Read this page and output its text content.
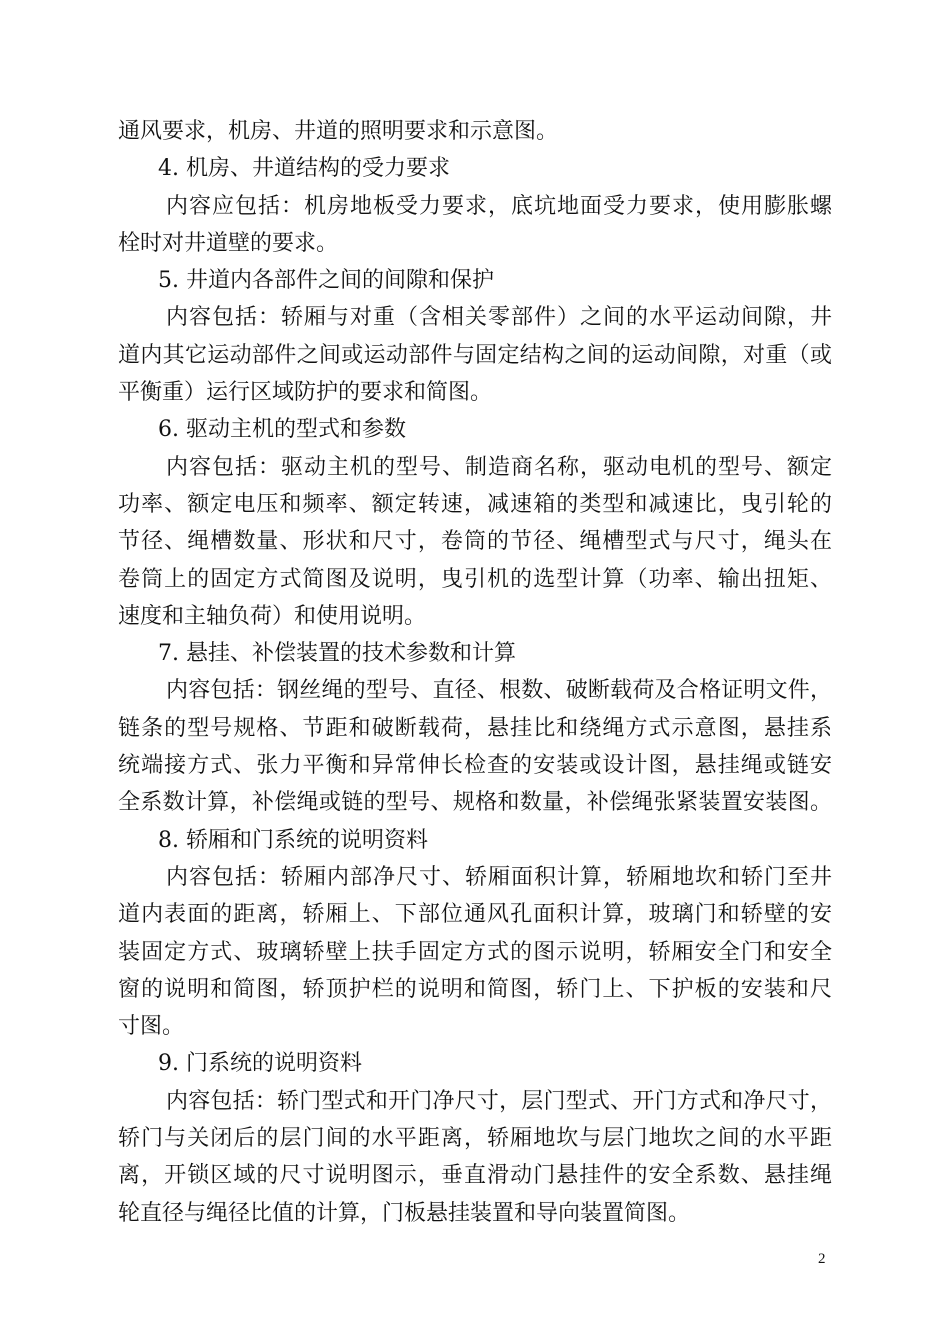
通风要求，机房、井道的照明要求和示意图。

4. 机房、井道结构的受力要求

内容应包括：机房地板受力要求，底坑地面受力要求，使用膨胀螺

栓时对井道壁的要求。

5. 井道内各部件之间的间隙和保护

内容包括：轿厢与对重（含相关零部件）之间的水平运动间隙，井

道内其它运动部件之间或运动部件与固定结构之间的运动间隙，对重（或

平衡重）运行区域防护的要求和简图。

6. 驱动主机的型式和参数

内容包括：驱动主机的型号、制造商名称，驱动电机的型号、额定

功率、额定电压和频率、额定转速，减速箱的类型和减速比，曳引轮的

节径、绳槽数量、形状和尺寸，卷筒的节径、绳槽型式与尺寸，绳头在

卷筒上的固定方式简图及说明，曳引机的选型计算（功率、输出扭矩、

速度和主轴负荷）和使用说明。

7. 悬挂、补偿装置的技术参数和计算

内容包括：钢丝绳的型号、直径、根数、破断载荷及合格证明文件，

链条的型号规格、节距和破断载荷，悬挂比和绕绳方式示意图，悬挂系

统端接方式、张力平衡和异常伸长检查的安装或设计图，悬挂绳或链安

全系数计算，补偿绳或链的型号、规格和数量，补偿绳张紧装置安装图。

8. 轿厢和门系统的说明资料

内容包括：轿厢内部净尺寸、轿厢面积计算，轿厢地坎和轿门至井

道内表面的距离，轿厢上、下部位通风孔面积计算，玻璃门和轿壁的安

装固定方式、玻璃轿壁上扶手固定方式的图示说明，轿厢安全门和安全

窗的说明和简图，轿顶护栏的说明和简图，轿门上、下护板的安装和尺

寸图。

9. 门系统的说明资料

内容包括：轿门型式和开门净尺寸，层门型式、开门方式和净尺寸，

轿门与关闭后的层门间的水平距离，轿厢地坎与层门地坎之间的水平距

离，开锁区域的尺寸说明图示，垂直滑动门悬挂件的安全系数、悬挂绳

轮直径与绳径比值的计算，门板悬挂装置和导向装置简图。

2
